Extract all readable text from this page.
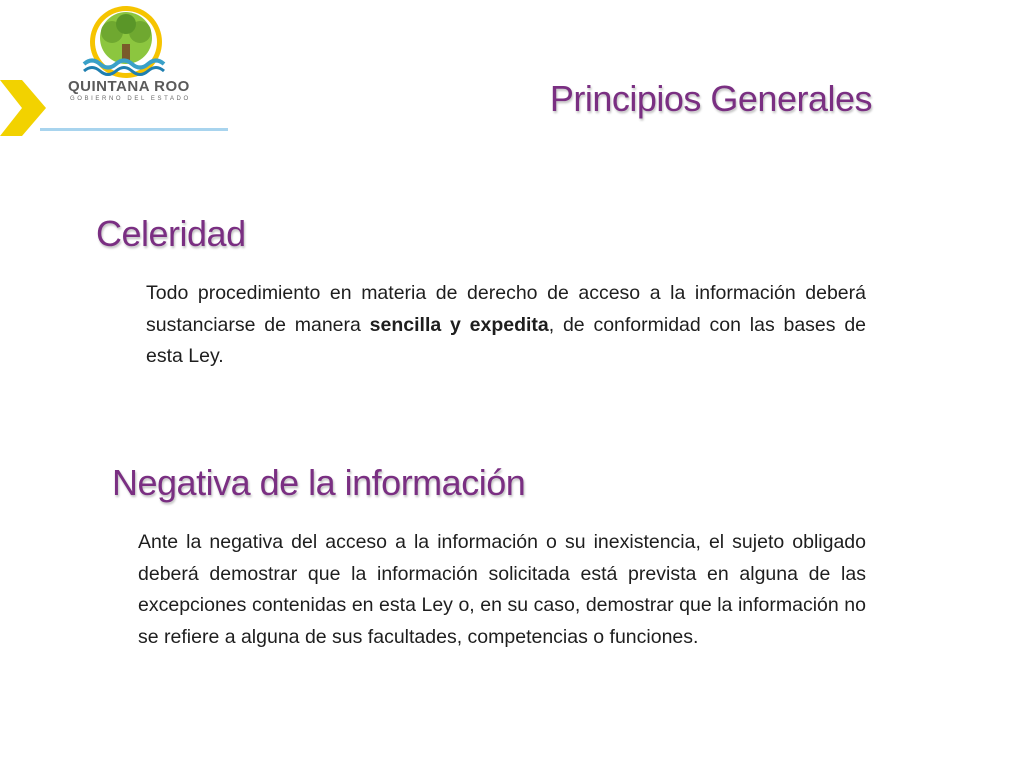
QUINTANA ROO
GOBIERNO DEL ESTADO	Principios Generales
Celeridad
Todo procedimiento en materia de derecho de acceso a la información deberá sustanciarse de manera sencilla y expedita, de conformidad con las bases de esta Ley.
Negativa de la información
Ante la negativa del acceso a la información o su inexistencia, el sujeto obligado deberá demostrar que la información solicitada está prevista en alguna de las excepciones contenidas en esta Ley o, en su caso, demostrar que la información no se refiere a alguna de sus facultades, competencias o funciones.
